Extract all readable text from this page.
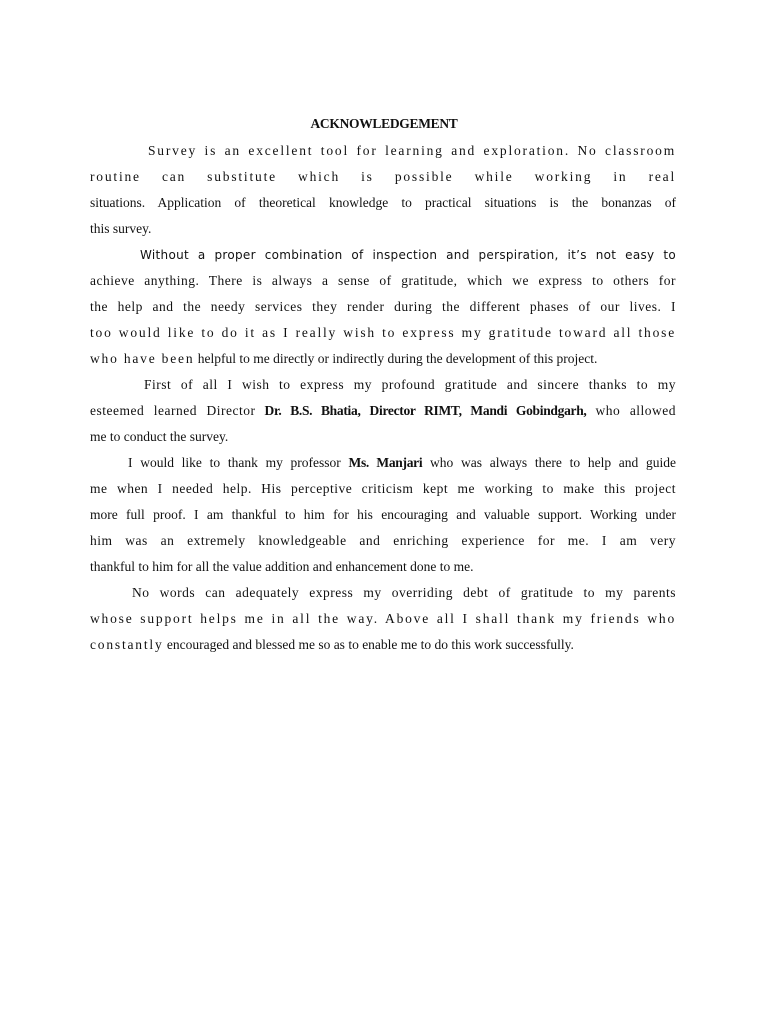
ACKNOWLEDGEMENT
Survey is an excellent tool for learning and exploration. No classroom
routine can substitute which is possible while working in real
situations. Application of theoretical knowledge to practical situations is the bonanzas of
this survey.
Without a proper combination of inspection and perspiration, it’s not easy to
achieve anything. There is always a sense of gratitude, which we express to others for
the help and the needy services they render during the different phases of our lives. I
too would like to do it as I really wish to express my gratitude toward all those
who have been helpful to me directly or indirectly during the development of this project.
First of all I wish to express my profound gratitude and sincere thanks to my
esteemed learned Director Dr. B.S. Bhatia, Director RIMT, Mandi Gobindgarh, who allowed
me to conduct the survey.
I would like to thank my professor Ms. Manjari who was always there to help and guide
me when I needed help. His perceptive criticism kept me working to make this project
more full proof. I am thankful to him for his encouraging and valuable support. Working under
him was an extremely knowledgeable and enriching experience for me. I am very
thankful to him for all the value addition and enhancement done to me.
No words can adequately express my overriding debt of gratitude to my parents
whose support helps me in all the way. Above all I shall thank my friends who
constantly encouraged and blessed me so as to enable me to do this work successfully.
